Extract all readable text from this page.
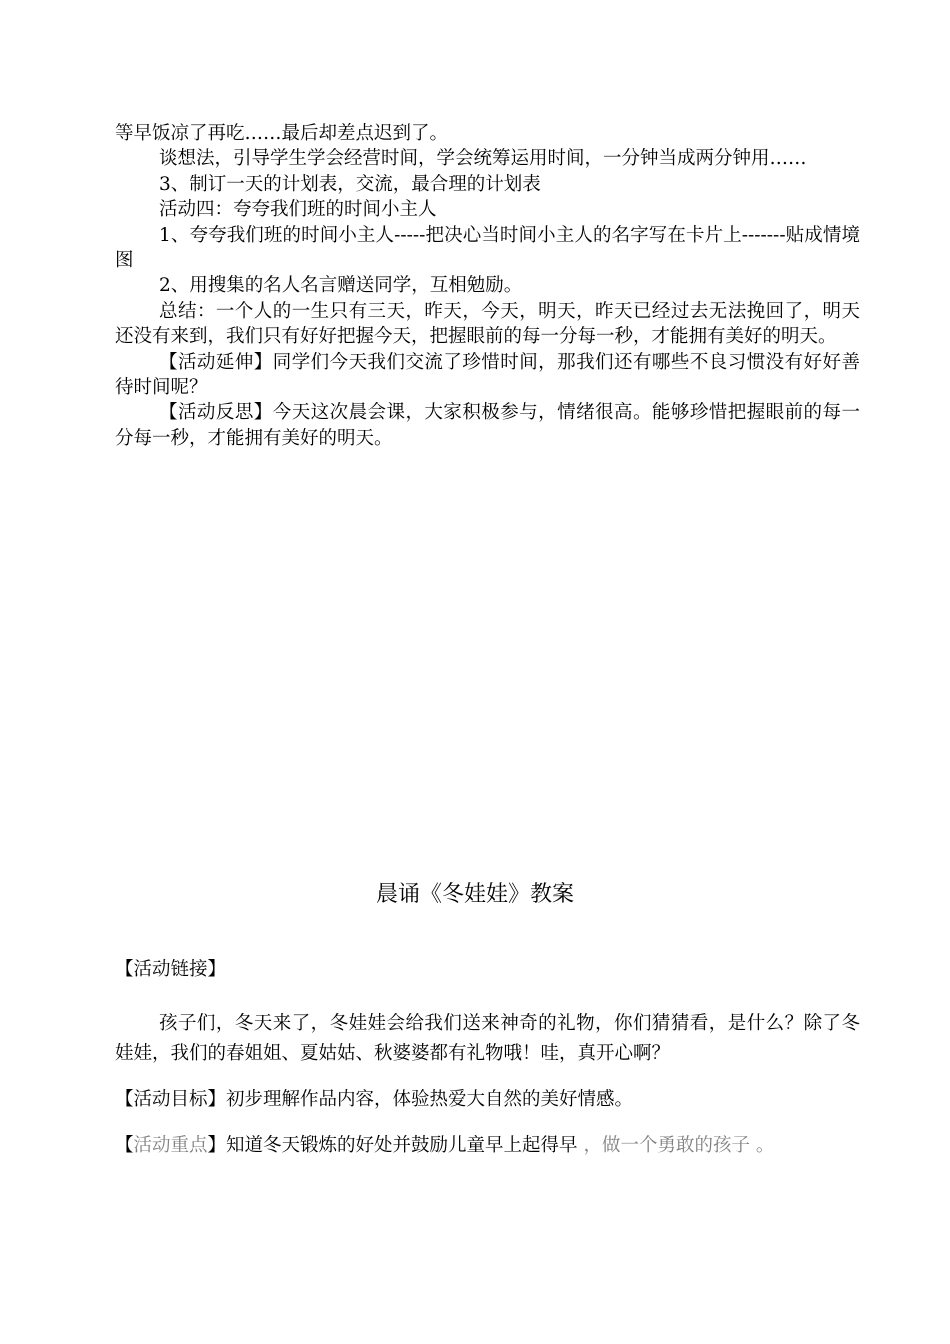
等早饭凉了再吃……最后却差点迟到了。

谈想法，引导学生学会经营时间，学会统筹运用时间，一分钟当成两分钟用……

3、制订一天的计划表，交流，最合理的计划表

活动四：夸夸我们班的时间小主人

1、夸夸我们班的时间小主人-----把决心当时间小主人的名字写在卡片上-------贴成情境图

2、用搜集的名人名言赠送同学，互相勉励。

总结：一个人的一生只有三天，昨天，今天，明天，昨天已经过去无法挽回了，明天还没有来到，我们只有好好把握今天，把握眼前的每一分每一秒，才能拥有美好的明天。

【活动延伸】同学们今天我们交流了珍惜时间，那我们还有哪些不良习惯没有好好善待时间呢？

【活动反思】今天这次晨会课，大家积极参与，情绪很高。能够珍惜把握眼前的每一分每一秒，才能拥有美好的明天。

晨诵《冬娃娃》教案

【活动链接】

孩子们，冬天来了，冬娃娃会给我们送来神奇的礼物，你们猜猜看，是什么？除了冬娃娃，我们的春姐姐、夏姑姑、秋婆婆都有礼物哦！哇，真开心啊？

【活动目标】初步理解作品内容，体验热爱大自然的美好情感。

【活动重点】知道冬天锻炼的好处并鼓励儿童早上起得早 ，做一个勇敢的孩子 。
